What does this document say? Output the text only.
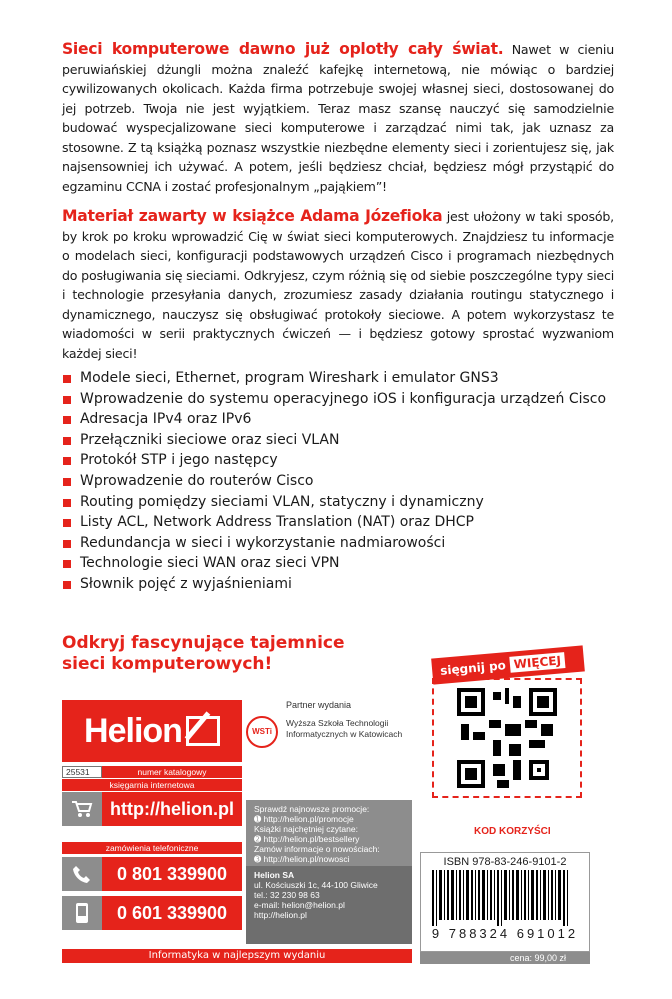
Sieci komputerowe dawno już oplotły cały świat. Nawet w cieniu peruwiańskiej dżungli można znaleźć kafejkę internetową, nie mówiąc o bardziej cywilizowanych okolicach. Każda firma potrzebuje swojej własnej sieci, dostosowanej do jej potrzeb. Twoja nie jest wyjątkiem. Teraz masz szansę nauczyć się samodzielnie budować wyspecjalizowane sieci komputerowe i zarządzać nimi tak, jak uznasz za stosowne. Z tą książką poznasz wszystkie niezbędne elementy sieci i zorientujesz się, jak najsensowniej ich używać. A potem, jeśli będziesz chciał, będziesz mógł przystąpić do egzaminu CCNA i zostać profesjonalnym „pająkiem”!
Materiał zawarty w książce Adama Józefioka jest ułożony w taki sposób, by krok po kroku wprowadzić Cię w świat sieci komputerowych. Znajdziesz tu informacje o modelach sieci, konfiguracji podstawowych urządzeń Cisco i programach niezbędnych do posługiwania się sieciami. Odkryjesz, czym różnią się od siebie poszczególne typy sieci i technologie przesyłania danych, zrozumiesz zasady działania routingu statycznego i dynamicznego, nauczysz się obsługiwać protokoły sieciowe. A potem wykorzystasz te wiadomości w serii praktycznych ćwiczeń — i będziesz gotowy sprostać wyzwaniom każdej sieci!
Modele sieci, Ethernet, program Wireshark i emulator GNS3
Wprowadzenie do systemu operacyjnego iOS i konfiguracja urządzeń Cisco
Adresacja IPv4 oraz IPv6
Przełączniki sieciowe oraz sieci VLAN
Protokół STP i jego następcy
Wprowadzenie do routerów Cisco
Routing pomiędzy sieciami VLAN, statyczny i dynamiczny
Listy ACL, Network Address Translation (NAT) oraz DHCP
Redundancja w sieci i wykorzystanie nadmiarowości
Technologie sieci WAN oraz sieci VPN
Słownik pojęć z wyjaśnieniami
Odkryj fascynujące tajemnice sieci komputerowych!
Helion
25531	numer katalogowy
księgarnia internetowa
http://helion.pl
zamówienia telefoniczne
0 801 339900
0 601 339900
Informatyka w najlepszym wydaniu
Partner wydania
WSTi
Wyższa Szkoła Technologii Informatycznych w Katowicach
Sprawdź najnowsze promocje:
➊ http://helion.pl/promocje
Książki najchętniej czytane:
➋ http://helion.pl/bestsellery
Zamów informacje o nowościach:
➌ http://helion.pl/nowosci
Helion SA
ul. Kościuszki 1c, 44-100 Gliwice
tel.: 32 230 98 63
e-mail: helion@helion.pl
http://helion.pl
sięgnij po WIĘCEJ
KOD KORZYŚCI
ISBN 978-83-246-9101-2
9 788324 691012
cena: 99,00 zł
